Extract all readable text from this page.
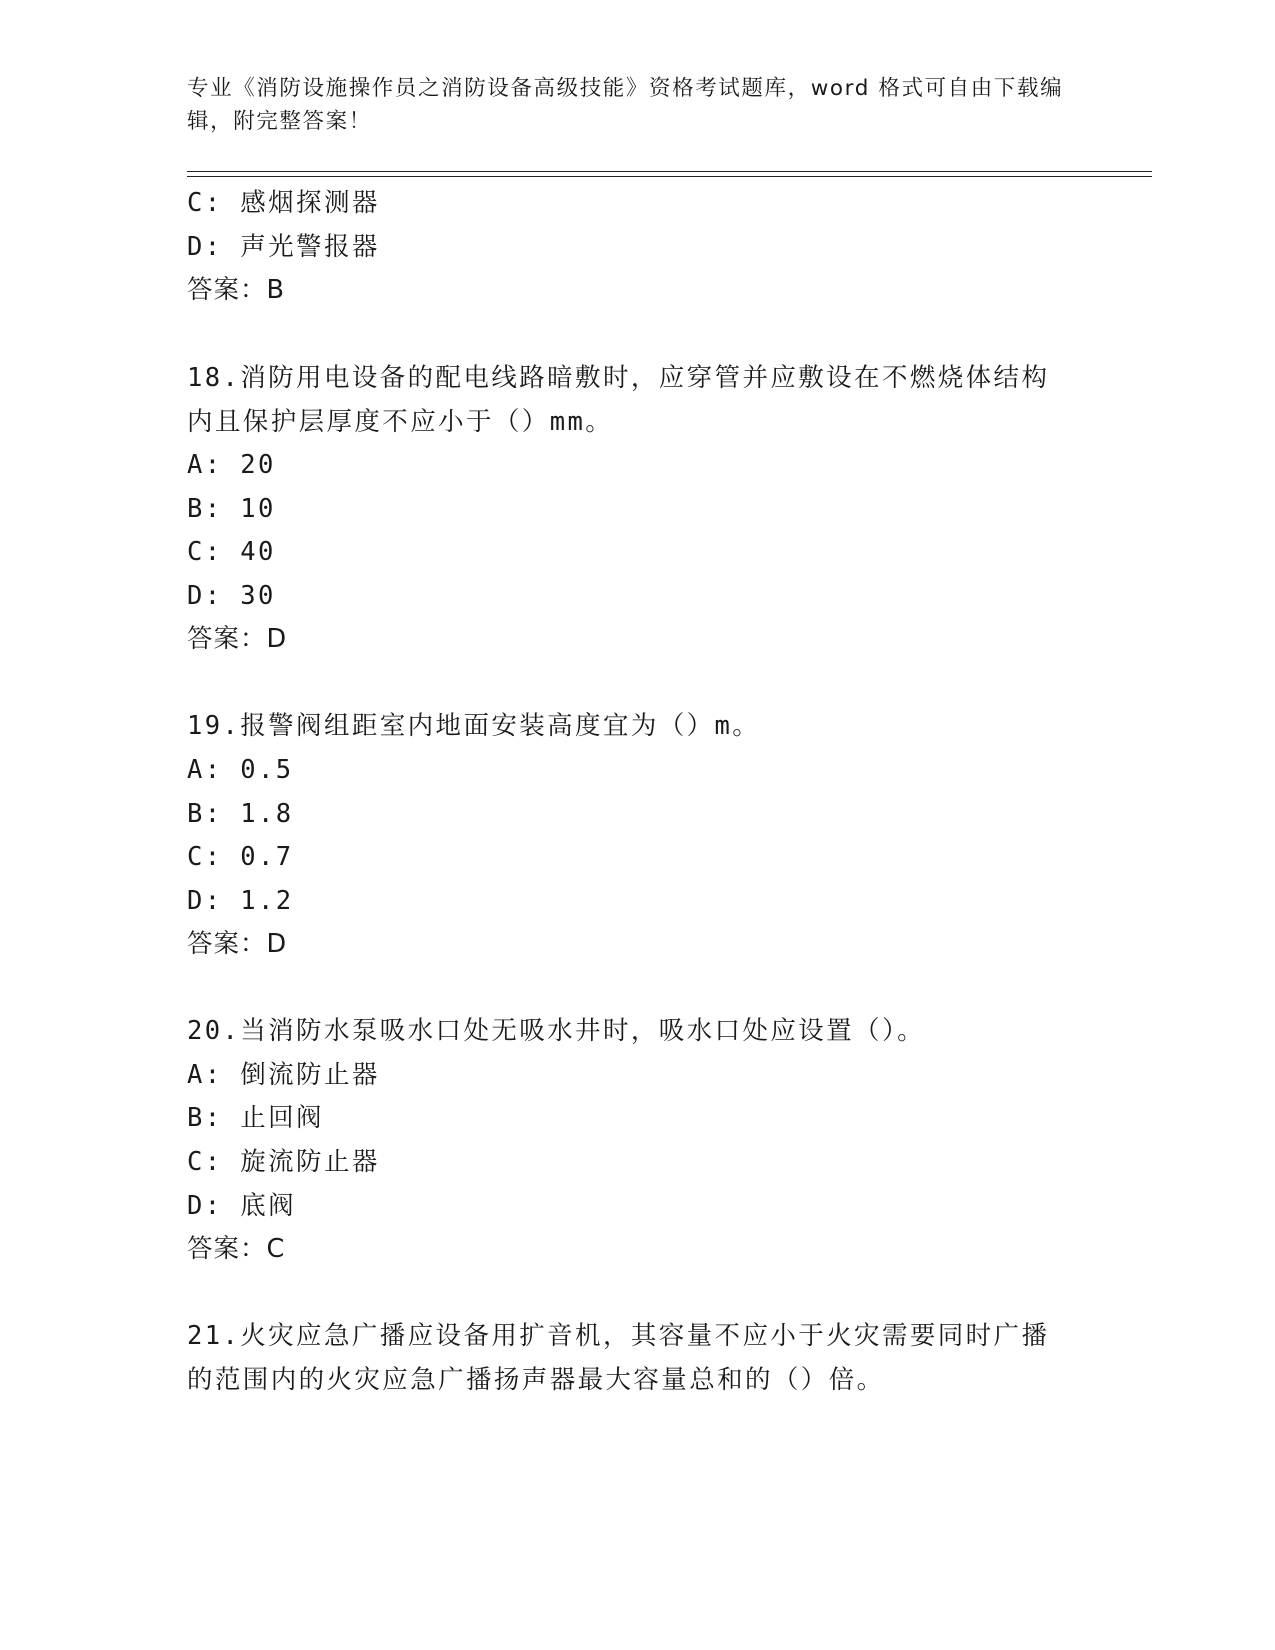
专业《消防设施操作员之消防设备高级技能》资格考试题库，word 格式可自由下载编辑，附完整答案！
C: 感烟探测器
D: 声光警报器
答案：B
18.消防用电设备的配电线路暗敷时，应穿管并应敷设在不燃烧体结构
内且保护层厚度不应小于（）mm。
A: 20
B: 10
C: 40
D: 30
答案：D
19.报警阀组距室内地面安装高度宜为（）m。
A: 0.5
B: 1.8
C: 0.7
D: 1.2
答案：D
20.当消防水泵吸水口处无吸水井时，吸水口处应设置（）。
A: 倒流防止器
B: 止回阀
C: 旋流防止器
D: 底阀
答案：C
21.火灾应急广播应设备用扩音机，其容量不应小于火灾需要同时广播
的范围内的火灾应急广播扬声器最大容量总和的（）倍。
